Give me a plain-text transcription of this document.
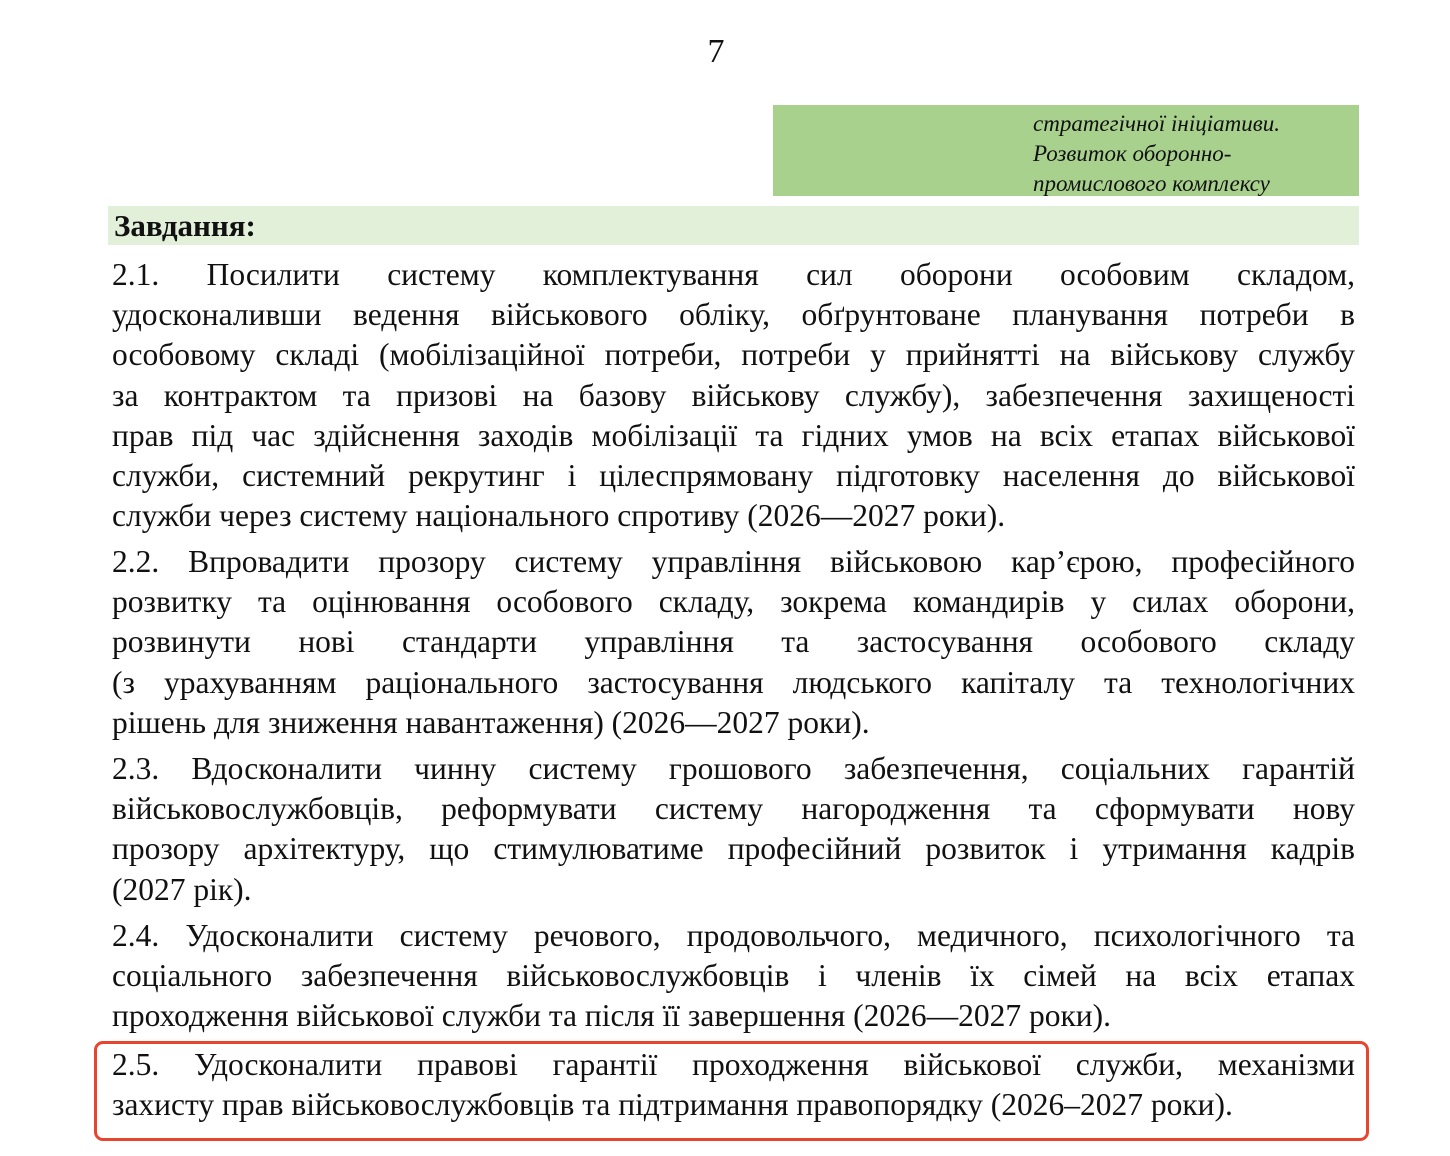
7
стратегічної ініціативи.
Розвиток оборонно-
промислового комплексу
Завдання:
2.1. Посилити систему комплектування сил оборони особовим складом,
удосконаливши ведення військового обліку, обґрунтоване планування потреби в
особовому складі (мобілізаційної потреби, потреби у прийнятті на військову службу
за контрактом та призові на базову військову службу), забезпечення захищеності
прав під час здійснення заходів мобілізації та гідних умов на всіх етапах військової
служби, системний рекрутинг і цілеспрямовану підготовку населення до військової
служби через систему національного спротиву (2026—2027 роки).
2.2. Впровадити прозору систему управління військовою кар’єрою, професійного
розвитку та оцінювання особового складу, зокрема командирів у силах оборони,
розвинути нові стандарти управління та застосування особового складу
(з урахуванням раціонального застосування людського капіталу та технологічних
рішень для зниження навантаження) (2026—2027 роки).
2.3. Вдосконалити чинну систему грошового забезпечення, соціальних гарантій
військовослужбовців, реформувати систему нагородження та сформувати нову
прозору архітектуру, що стимулюватиме професійний розвиток і утримання кадрів
(2027 рік).
2.4. Удосконалити систему речового, продовольчого, медичного, психологічного та
соціального забезпечення військовослужбовців і членів їх сімей на всіх етапах
проходження військової служби та після її завершення (2026—2027 роки).
2.5. Удосконалити правові гарантії проходження військової служби, механізми
захисту прав військовослужбовців та підтримання правопорядку (2026–2027 роки).
